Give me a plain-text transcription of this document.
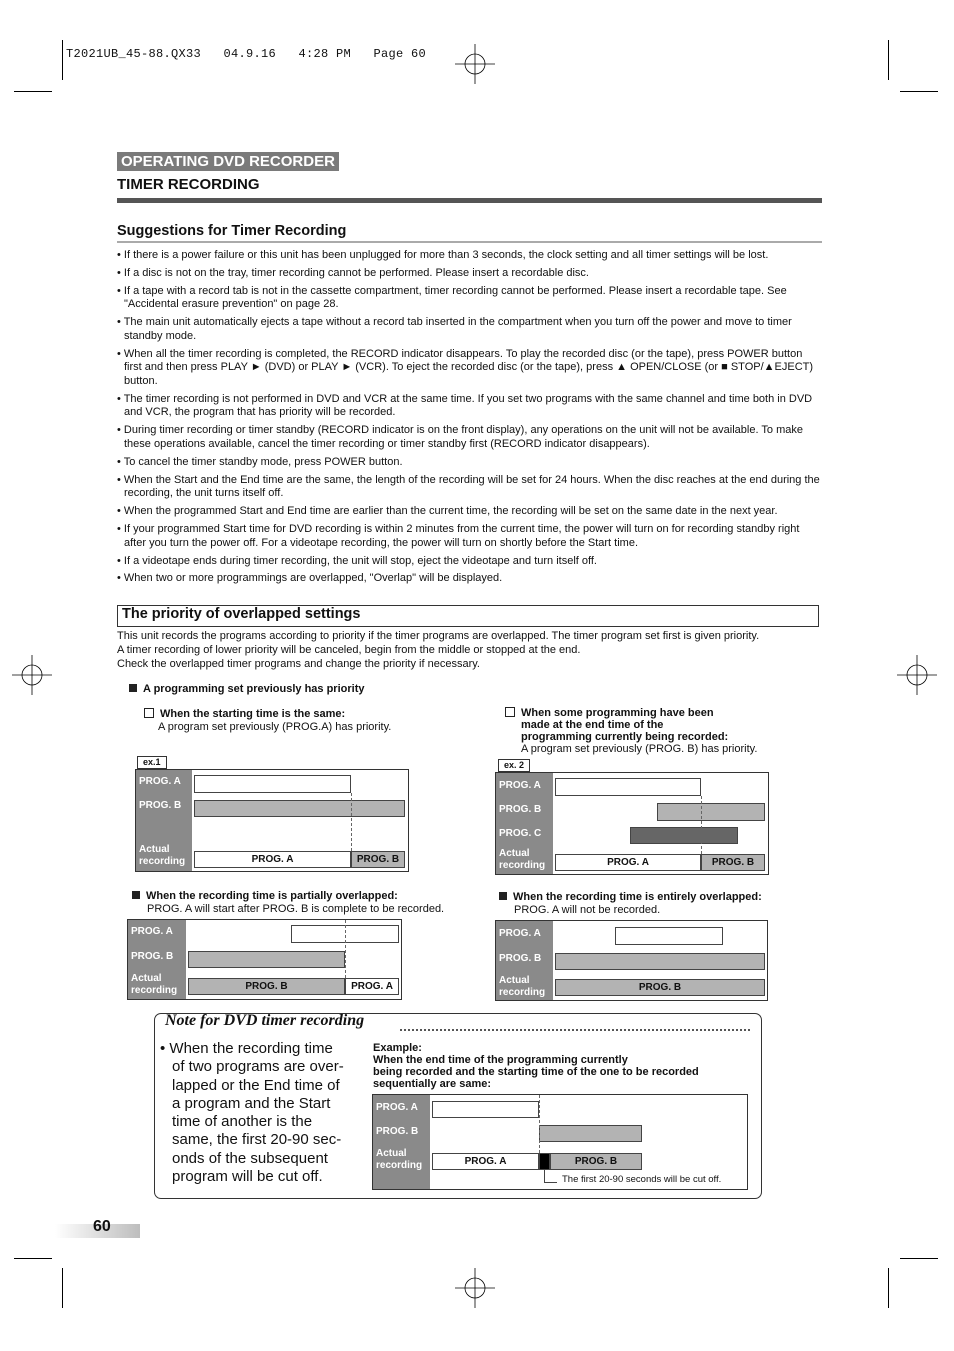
T2021UB_45-88.QX33   04.9.16   4:28 PM   Page 60
OPERATING DVD RECORDER
TIMER RECORDING
Suggestions for Timer Recording
• If there is a power failure or this unit has been unplugged for more than 3 seconds, the clock setting and all timer settings will be lost.
• If a disc is not on the tray, timer recording cannot be performed. Please insert a recordable disc.
• If a tape with a record tab is not in the cassette compartment, timer recording cannot be performed. Please insert a recordable tape. See "Accidental erasure prevention" on page 28.
• The main unit automatically ejects a tape without a record tab inserted in the compartment when you turn off the power and move to timer standby mode.
• When all the timer recording is completed, the RECORD indicator disappears. To play the recorded disc (or the tape), press POWER button first and then press PLAY ► (DVD) or PLAY ► (VCR). To eject the recorded disc (or the tape), press ▲ OPEN/CLOSE (or ■ STOP/▲EJECT) button.
• The timer recording is not performed in DVD and VCR at the same time. If you set two programs with the same channel and time both in DVD and VCR, the program that has priority will be recorded.
• During timer recording or timer standby (RECORD indicator is on the front display), any operations on the unit will not be available. To make these operations available, cancel the timer recording or timer standby first (RECORD indicator disappears).
• To cancel the timer standby mode, press POWER button.
• When the Start and the End time are the same, the length of the recording will be set for 24 hours. When the disc reaches at the end during the recording, the unit turns itself off.
• When the programmed Start and End time are earlier than the current time, the recording will be set on the same date in the next year.
• If your programmed Start time for DVD recording is within 2 minutes from the current time, the power will turn on for recording standby right after you turn the power off. For a videotape recording, the power will turn on shortly before the Start time.
• If a videotape ends during timer recording, the unit will stop, eject the videotape and turn itself off.
• When two or more programmings are overlapped, "Overlap" will be displayed.
The priority of overlapped settings

This unit records the programs according to priority if the timer programs are overlapped. The timer program set first is given priority.

A timer recording of lower priority will be canceled, begin from the middle or stopped at the end.

Check the overlapped timer programs and change the priority if necessary.

A programming set previously has priority
When the starting time is the same:
A program set previously (PROG.A) has priority.
When some programming have been
made at the end time of the
programming currently being recorded:
A program set previously (PROG. B) has priority.
ex.1
PROG. A
PROG. B
Actual
recording	PROG. A	PROG. B
ex. 2
PROG. A
PROG. B
PROG. C
Actual
recording	PROG. A	PROG. B
When the recording time is partially overlapped:
PROG. A will start after PROG. B is complete to be recorded.
PROG. A
PROG. B
Actual
recording	PROG. B	PROG. A
When the recording time is entirely overlapped:
PROG. A will not be recorded.
PROG. A
PROG. B
Actual
recording	PROG. B
Note for DVD timer recording
• When the recording time
of two programs are over-
lapped or the End time of
a program and the Start
time of another is the
same, the first 20-90 sec-
onds of the subsequent
program will be cut off.
Example:
When the end time of the programming currently
being recorded and the starting time of the one to be recorded
sequentially are same:
PROG. A
PROG. B
Actual
recording	PROG. A	PROG. B
The first 20-90 seconds will be cut off.
60
